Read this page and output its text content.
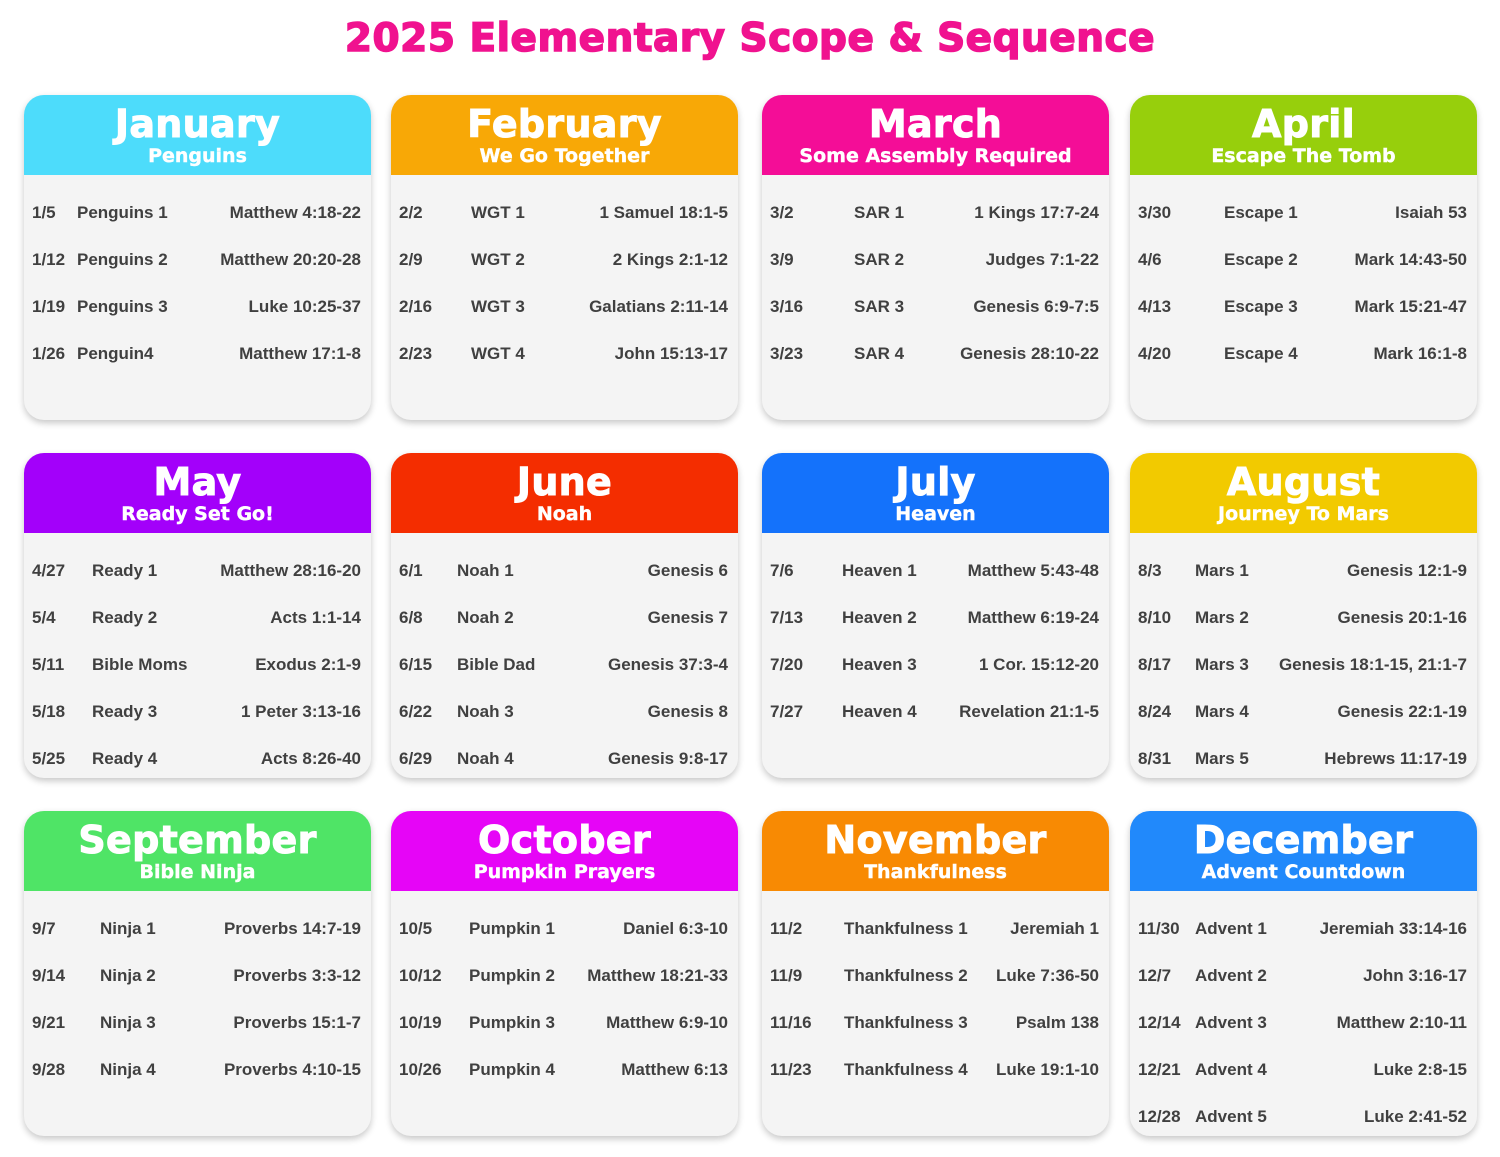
2025 Elementary Scope & Sequence
January
Penguins
1/5	Penguins 1	Matthew 4:18-22
1/12 Penguins 2	Matthew 20:20-28
1/19 Penguins 3	Luke 10:25-37
1/26 Penguin4	Matthew 17:1-8
February
We Go Together
2/2	WGT 1	1 Samuel 18:1-5
2/9	WGT 2	2 Kings 2:1-12
2/16	WGT 3	Galatians 2:11-14
2/23	WGT 4	John 15:13-17
March
Some Assembly Required
3/2	SAR 1	1 Kings 17:7-24
3/9	SAR 2	Judges 7:1-22
3/16	SAR 3	Genesis 6:9-7:5
3/23	SAR 4	Genesis 28:10-22
April
Escape The Tomb
3/30	Escape 1	Isaiah 53
4/6	Escape 2	Mark 14:43-50
4/13	Escape 3	Mark 15:21-47
4/20	Escape 4	Mark 16:1-8
May
Ready Set Go!
4/27	Ready 1	Matthew 28:16-20
5/4	Ready 2	Acts 1:1-14
5/11	Bible Moms	Exodus 2:1-9
5/18	Ready 3	1 Peter 3:13-16
5/25	Ready 4	Acts 8:26-40
June
Noah
6/1	Noah 1	Genesis 6
6/8	Noah 2	Genesis 7
6/15	Bible Dad	Genesis 37:3-4
6/22	Noah 3	Genesis 8
6/29	Noah 4	Genesis 9:8-17
July
Heaven
7/6	Heaven 1	Matthew 5:43-48
7/13	Heaven 2	Matthew 6:19-24
7/20	Heaven 3	1 Cor. 15:12-20
7/27	Heaven 4	Revelation 21:1-5
August
Journey To Mars
8/3	Mars 1	Genesis 12:1-9
8/10	Mars 2	Genesis 20:1-16
8/17	Mars 3	Genesis 18:1-15, 21:1-7
8/24	Mars 4	Genesis 22:1-19
8/31	Mars 5	Hebrews 11:17-19
September
Bible Ninja
9/7	Ninja 1	Proverbs 14:7-19
9/14	Ninja 2	Proverbs 3:3-12
9/21	Ninja 3	Proverbs 15:1-7
9/28	Ninja 4	Proverbs 4:10-15
October
Pumpkin Prayers
10/5	Pumpkin 1	Daniel 6:3-10
10/12	Pumpkin 2	Matthew 18:21-33
10/19	Pumpkin 3	Matthew 6:9-10
10/26	Pumpkin 4	Matthew 6:13
November
Thankfulness
11/2	Thankfulness 1	Jeremiah 1
11/9	Thankfulness 2	Luke 7:36-50
11/16	Thankfulness 3	Psalm 138
11/23	Thankfulness 4	Luke 19:1-10
December
Advent Countdown
11/30 Advent 1	Jeremiah 33:14-16
12/7	Advent 2	John 3:16-17
12/14 Advent 3	Matthew 2:10-11
12/21 Advent 4	Luke 2:8-15
12/28 Advent 5	Luke 2:41-52
